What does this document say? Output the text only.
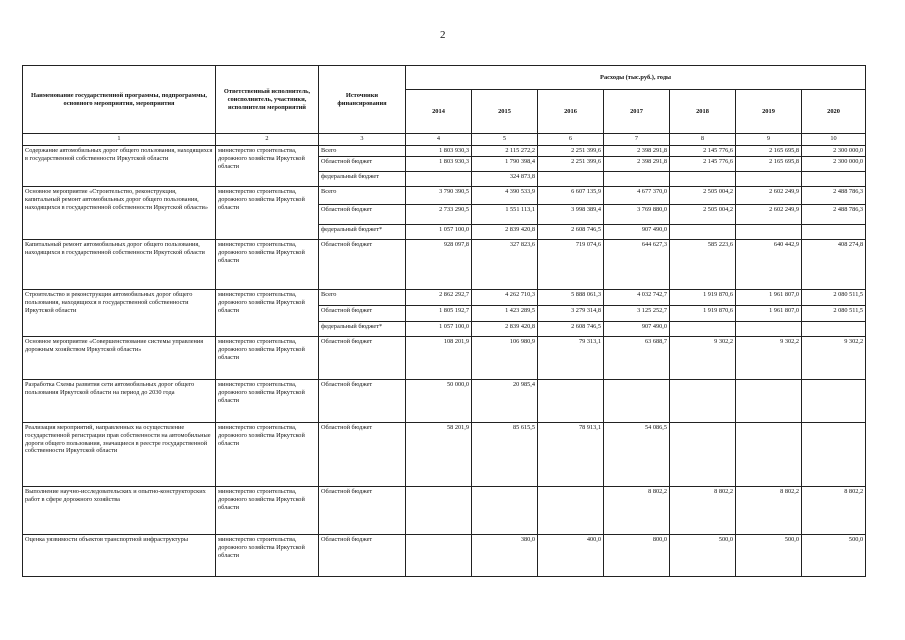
2
Наименование государственной программы, подпрограммы, основного мероприятия, мероприятия	Ответственный исполнитель, соисполнитель, участники, исполнители мероприятий	Источники финансирования	Расходы (тыс.руб.), годы						
			2014	2015	2016	2017	2018	2019	2020
1	2	3	4	5	6	7	8	9	10
Содержание автомобильных дорог общего пользования, находящихся в государственной собственности Иркутской области	министерство строительства, дорожного хозяйства Иркутской области	Всего	1 803 930,3	2 115 272,2	2 251 399,6	2 398 291,8	2 145 776,6	2 165 695,8	2 300 000,0
		Областной бюджет	1 803 930,3	1 790 398,4	2 251 399,6	2 398 291,8	2 145 776,6	2 165 695,8	2 300 000,0
		федеральный бюджет		324 873,8					
Основное мероприятие «Строительство, реконструкция, капитальный ремонт автомобильных дорог общего пользования, находящихся в государственной собственности Иркутской области»	министерство строительства, дорожного хозяйства Иркутской области	Всего	3 790 390,5	4 390 533,9	6 607 135,9	4 677 370,0	2 505 004,2	2 602 249,9	2 488 786,3
		Областной бюджет	2 733 290,5	1 551 113,1	3 998 389,4	3 769 880,0	2 505 004,2	2 602 249,9	2 488 786,3
		федеральный бюджет*	1 057 100,0	2 839 420,8	2 608 746,5	907 490,0			
Капитальный ремонт автомобильных дорог общего пользования, находящихся в государственной собственности Иркутской области	министерство строительства, дорожного хозяйства Иркутской области	Областной бюджет	928 097,8	327 823,6	719 074,6	644 627,3	585 223,6	640 442,9	408 274,8
Строительство и реконструкция автомобильных дорог общего пользования, находящихся в государственной собственности Иркутской области	министерство строительства, дорожного хозяйства Иркутской области	Всего	2 862 292,7	4 262 710,3	5 888 061,3	4 032 742,7	1 919 870,6	1 961 807,0	2 080 511,5
		Областной бюджет	1 805 192,7	1 423 289,5	3 279 314,8	3 125 252,7	1 919 870,6	1 961 807,0	2 080 511,5
		федеральный бюджет*	1 057 100,0	2 839 420,8	2 608 746,5	907 490,0			
Основное мероприятие «Совершенствование системы управления дорожным хозяйством Иркутской области»	министерство строительства, дорожного хозяйства Иркутской области	Областной бюджет	108 201,9	106 980,9	79 313,1	63 688,7	9 302,2	9 302,2	9 302,2
Разработка Схемы развития сети автомобильных дорог общего пользования Иркутской области на период до 2030 года	министерство строительства, дорожного хозяйства Иркутской области	Областной бюджет	50 000,0	20 985,4					
Реализация мероприятий, направленных на осуществление государственной регистрации прав собственности на автомобильные дороги общего пользования, значащиеся в реестре государственной собственности Иркутской области	министерство строительства, дорожного хозяйства Иркутской области	Областной бюджет	58 201,9	85 615,5	78 913,1	54 086,5			
Выполнение научно-исследовательских и опытно-конструкторских работ в сфере дорожного хозяйства	министерство строительства, дорожного хозяйства Иркутской области	Областной бюджет				8 802,2	8 802,2	8 802,2	8 802,2
Оценка уязвимости объектов транспортной инфраструктуры	министерство строительства, дорожного хозяйства Иркутской области	Областной бюджет		380,0	400,0	800,0	500,0	500,0	500,0
